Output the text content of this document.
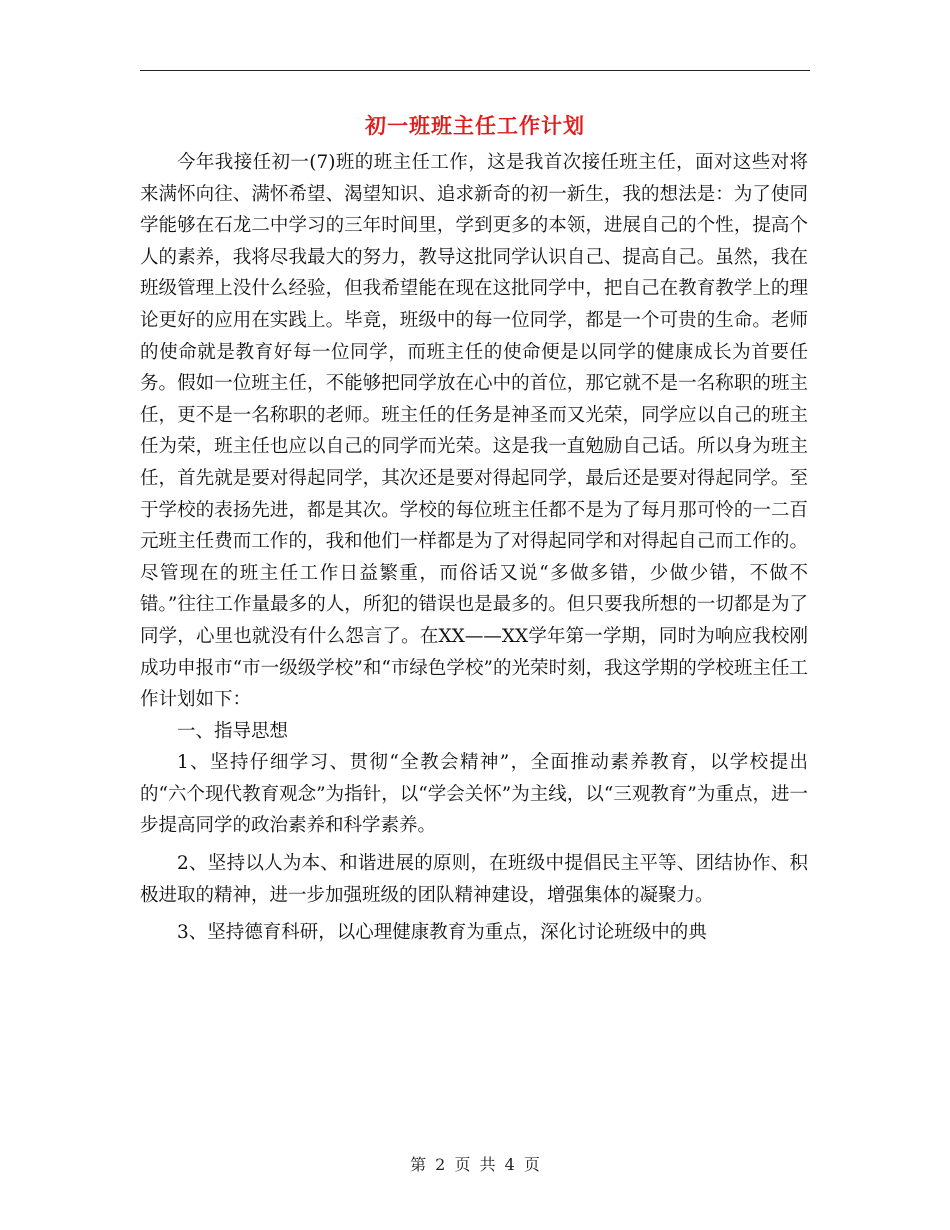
初一班班主任工作计划

今年我接任初一(7)班的班主任工作，这是我首次接任班主任，面对这些对将来满怀向往、满怀希望、渴望知识、追求新奇的初一新生，我的想法是：为了使同学能够在石龙二中学习的三年时间里，学到更多的本领，进展自己的个性，提高个人的素养，我将尽我最大的努力，教导这批同学认识自己、提高自己。虽然，我在班级管理上没什么经验，但我希望能在现在这批同学中，把自己在教育教学上的理论更好的应用在实践上。毕竟，班级中的每一位同学，都是一个可贵的生命。老师的使命就是教育好每一位同学，而班主任的使命便是以同学的健康成长为首要任务。假如一位班主任，不能够把同学放在心中的首位，那它就不是一名称职的班主任，更不是一名称职的老师。班主任的任务是神圣而又光荣，同学应以自己的班主任为荣，班主任也应以自己的同学而光荣。这是我一直勉励自己话。所以身为班主任，首先就是要对得起同学，其次还是要对得起同学，最后还是要对得起同学。至于学校的表扬先进，都是其次。学校的每位班主任都不是为了每月那可怜的一二百元班主任费而工作的，我和他们一样都是为了对得起同学和对得起自己而工作的。尽管现在的班主任工作日益繁重，而俗话又说“多做多错，少做少错，不做不错。”往往工作量最多的人，所犯的错误也是最多的。但只要我所想的一切都是为了同学，心里也就没有什么怨言了。在XX——XX学年第一学期，同时为响应我校刚成功申报市“市一级级学校”和“市绿色学校”的光荣时刻，我这学期的学校班主任工作计划如下：

一、指导思想

1、坚持仔细学习、贯彻“全教会精神”，全面推动素养教育，以学校提出的“六个现代教育观念”为指针，以“学会关怀”为主线，以“三观教育”为重点，进一步提高同学的政治素养和科学素养。

2、坚持以人为本、和谐进展的原则，在班级中提倡民主平等、团结协作、积极进取的精神，进一步加强班级的团队精神建设，增强集体的凝聚力。

3、坚持德育科研，以心理健康教育为重点，深化讨论班级中的典

第 2 页 共 4 页
